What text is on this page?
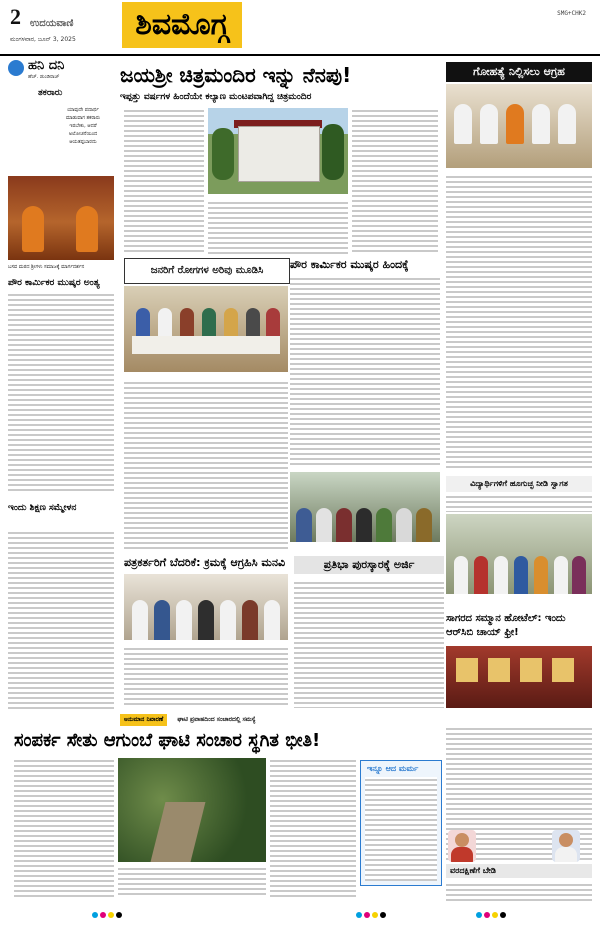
2 ಉದಯವಾಣಿ
ಮಂಗಳವಾರ, ಜೂನ್ 3, 2025	ಶಿವಮೊಗ್ಗ	SMG+CHK2
ಹನಿ ದನಿ
ಹೆಚ್. ಡುಂಡಿರಾಜ್
ತಕರಾರು
ಯಾವುದೇ ಪದಾರ್ಥ
ಮಾಡುವಾಗ ತಕರಾರು
ಇರಬೇಕು, ಆದರೆ
ಅಲೋಚನೆಯಿಂದ
ಆಯತಪ್ಪಬಾರದು
ಬಸವ ಮಠದ ಶ್ರೀಗಳು ಸಮಾಜಕ್ಕೆ ಮಾರ್ಗದರ್ಶನ
ಪೌರ ಕಾರ್ಮಿಕರ ಮುಷ್ಕರ ಅಂತ್ಯ
ಇಂದು ಶಿಕ್ಷಣ ಸಮ್ಮೇಳನ
ಜಯಶ್ರೀ ಚಿತ್ರಮಂದಿರ ಇನ್ನು ನೆನಪು!
ಇಪ್ಪತ್ತು ವರ್ಷಗಳ ಹಿಂದೆಯೇ ಕಲ್ಯಾಣ ಮಂಟಪವಾಗಿದ್ದ ಚಿತ್ರಮಂದಿರ
ಜನರಿಗೆ ರೋಗಗಳ ಅರಿವು ಮೂಡಿಸಿ	ಪೌರ ಕಾರ್ಮಿಕರ ಮುಷ್ಕರ ಹಿಂದಕ್ಕೆ
ಪತ್ರಕರ್ತರಿಗೆ ಬೆದರಿಕೆ: ಕ್ರಮಕ್ಕೆ ಆಗ್ರಹಿಸಿ ಮನವಿ	ಪ್ರತಿಭಾ ಪುರಸ್ಕಾರಕ್ಕೆ ಅರ್ಜಿ
ಗೋಹತ್ಯೆ ನಿಲ್ಲಿಸಲು ಆಗ್ರಹ
ವಿದ್ಯಾರ್ಥಿಗಳಿಗೆ ಹೂಗುಚ್ಛ ನೀಡಿ ಸ್ವಾಗತ
ಸಾಗರದ ಸಮ್ಮಾನ ಹೋಟೆಲ್: ಇಂದು ಆರ್‌ಸಿಬಿ ಚಾಯ್ ಫ್ರೀ!
ಅನುಮಾನ ನಿವಾರಣೆ ಘಾಟಿ ಪ್ರವಾಹದಿಂದ ಸಂಚಾರದಲ್ಲಿ ಸಮಸ್ಯೆ
ಸಂಪರ್ಕ ಸೇತು ಆಗುಂಬೆ ಘಾಟಿ ಸಂಚಾರ ಸ್ಥಗಿತ ಭೀತಿ!
ಇನ್ನೂ ಆದ ಮರ್ಮ
ವರದಕ್ಷಿಣೆಗೆ ಬೇಡಿ
